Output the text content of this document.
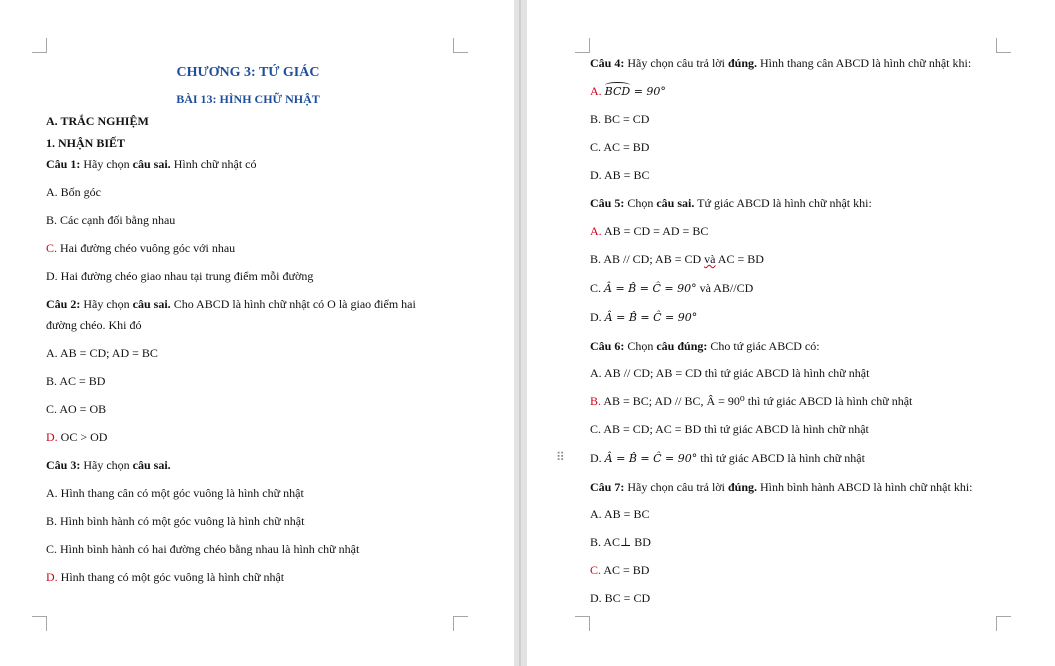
CHƯƠNG 3: TỨ GIÁC
BÀI 13: HÌNH CHỮ NHẬT
A. TRẮC NGHIỆM
1. NHẬN BIẾT
Câu 1: Hãy chọn câu sai. Hình chữ nhật có
A. Bốn góc
B. Các cạnh đối bằng nhau
C. Hai đường chéo vuông góc với nhau
D. Hai đường chéo giao nhau tại trung điểm mỗi đường
Câu 2: Hãy chọn câu sai. Cho ABCD là hình chữ nhật có O là giao điểm hai
đường chéo. Khi đó
A. AB = CD; AD = BC
B. AC = BD
C. AO = OB
D. OC > OD
Câu 3: Hãy chọn câu sai.
A. Hình thang cân có một góc vuông là hình chữ nhật
B. Hình bình hành có một góc vuông là hình chữ nhật
C. Hình bình hành có hai đường chéo bằng nhau là hình chữ nhật
D. Hình thang có một góc vuông là hình chữ nhật
Câu 4: Hãy chọn câu trả lời đúng. Hình thang cân ABCD là hình chữ nhật khi:
A. BCD = 90°
B. BC = CD
C. AC = BD
D. AB = BC
Câu 5: Chọn câu sai. Tứ giác ABCD là hình chữ nhật khi:
A. AB = CD = AD = BC
B. AB // CD; AB = CD và AC = BD
C. Â = B̂ = Ĉ = 90° và AB//CD
D. Â = B̂ = Ĉ = 90°
Câu 6: Chọn câu đúng: Cho tứ giác ABCD có:
A. AB // CD; AB = CD thì tứ giác ABCD là hình chữ nhật
B. AB = BC; AD // BC, Â = 90⁰ thì tứ giác ABCD là hình chữ nhật
C. AB = CD; AC = BD thì tứ giác ABCD là hình chữ nhật
D. Â = B̂ = Ĉ = 90° thì tứ giác ABCD là hình chữ nhật
Câu 7: Hãy chọn câu trả lời đúng. Hình bình hành ABCD là hình chữ nhật khi:
A. AB = BC
B. AC⊥ BD
C. AC = BD
D. BC = CD
⠿
